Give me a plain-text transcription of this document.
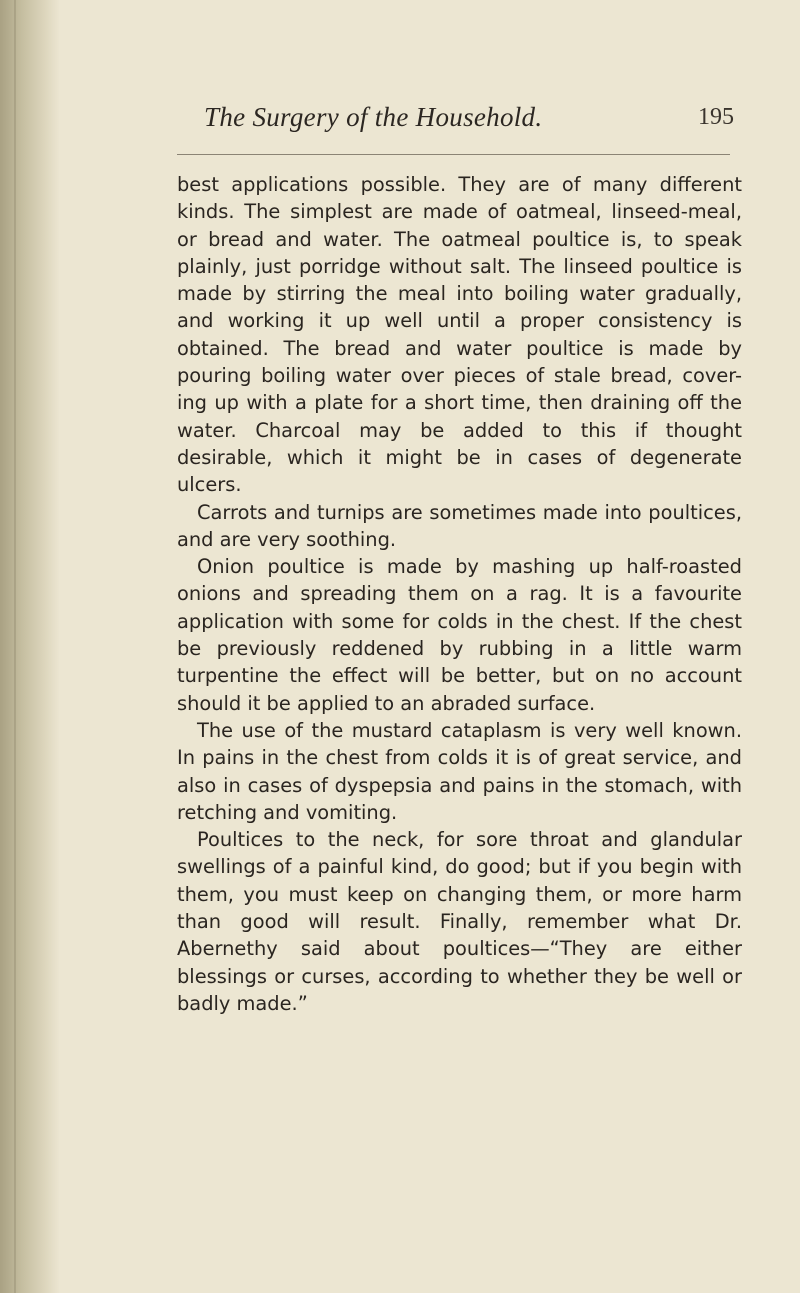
The Surgery of the Household.	195

best applications possible. They are of many different kinds. The simplest are made of oatmeal, linseed-meal, or bread and water. The oatmeal poultice is, to speak plainly, just porridge without salt. The linseed poultice is made by stirring the meal into boiling water gradually, and working it up well until a proper consistency is obtained. The bread and water poultice is made by pouring boiling water over pieces of stale bread, cover-ing up with a plate for a short time, then draining off the water. Charcoal may be added to this if thought desirable, which it might be in cases of degenerate ulcers.

Carrots and turnips are sometimes made into poultices, and are very soothing.

Onion poultice is made by mashing up half-roasted onions and spreading them on a rag. It is a favourite application with some for colds in the chest. If the chest be previously reddened by rubbing in a little warm turpentine the effect will be better, but on no account should it be applied to an abraded surface.

The use of the mustard cataplasm is very well known. In pains in the chest from colds it is of great service, and also in cases of dyspepsia and pains in the stomach, with retching and vomiting.

Poultices to the neck, for sore throat and glandular swellings of a painful kind, do good; but if you begin with them, you must keep on changing them, or more harm than good will result. Finally, remember what Dr. Abernethy said about poultices—“They are either blessings or curses, according to whether they be well or badly made.”
